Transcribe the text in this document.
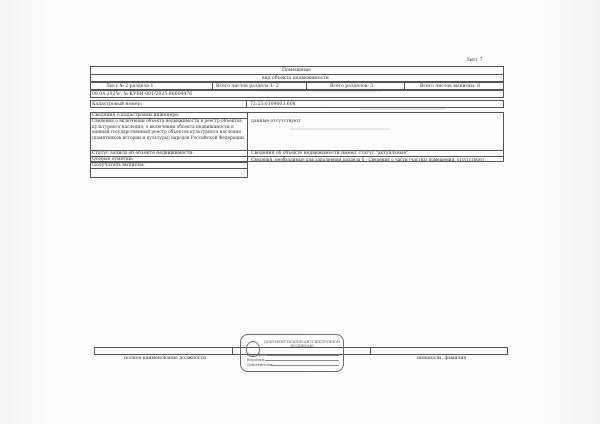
Лист 7
Помещение
вид объекта недвижимости
Лист № 2 раздела 1	Всего листов раздела 1: 2	Всего разделов: 3	Всего листов выписки: 8
09.04.2025г. № КУВИ-001/2025-86604476
Кадастровый номер:	72:23:0109003:608
Сведения о кадастровом инженере:
Сведения о включении объекта недвижимости в реестр объектов культурного наследия; о включении объекта недвижимости в единый государственный реестр объектов культурного наследия (памятников истории и культуры) народов Российской Федерации
данные отсутствуют
Статус записи об объекте недвижимости:	Сведения об объекте недвижимости имеют статус "актуальные"
Особые отметки:	Сведения, необходимые для заполнения раздела 8 - Сведения о части (частях) помещения, отсутствуют
Получатель выписки:
полное наименование должности	инициалы, фамилия
ДОКУМЕНТ ПОДПИСАН ЭЛЕКТРОННОЙ ПОДПИСЬЮ
Сертификат:
Владелец:
Действителен:
